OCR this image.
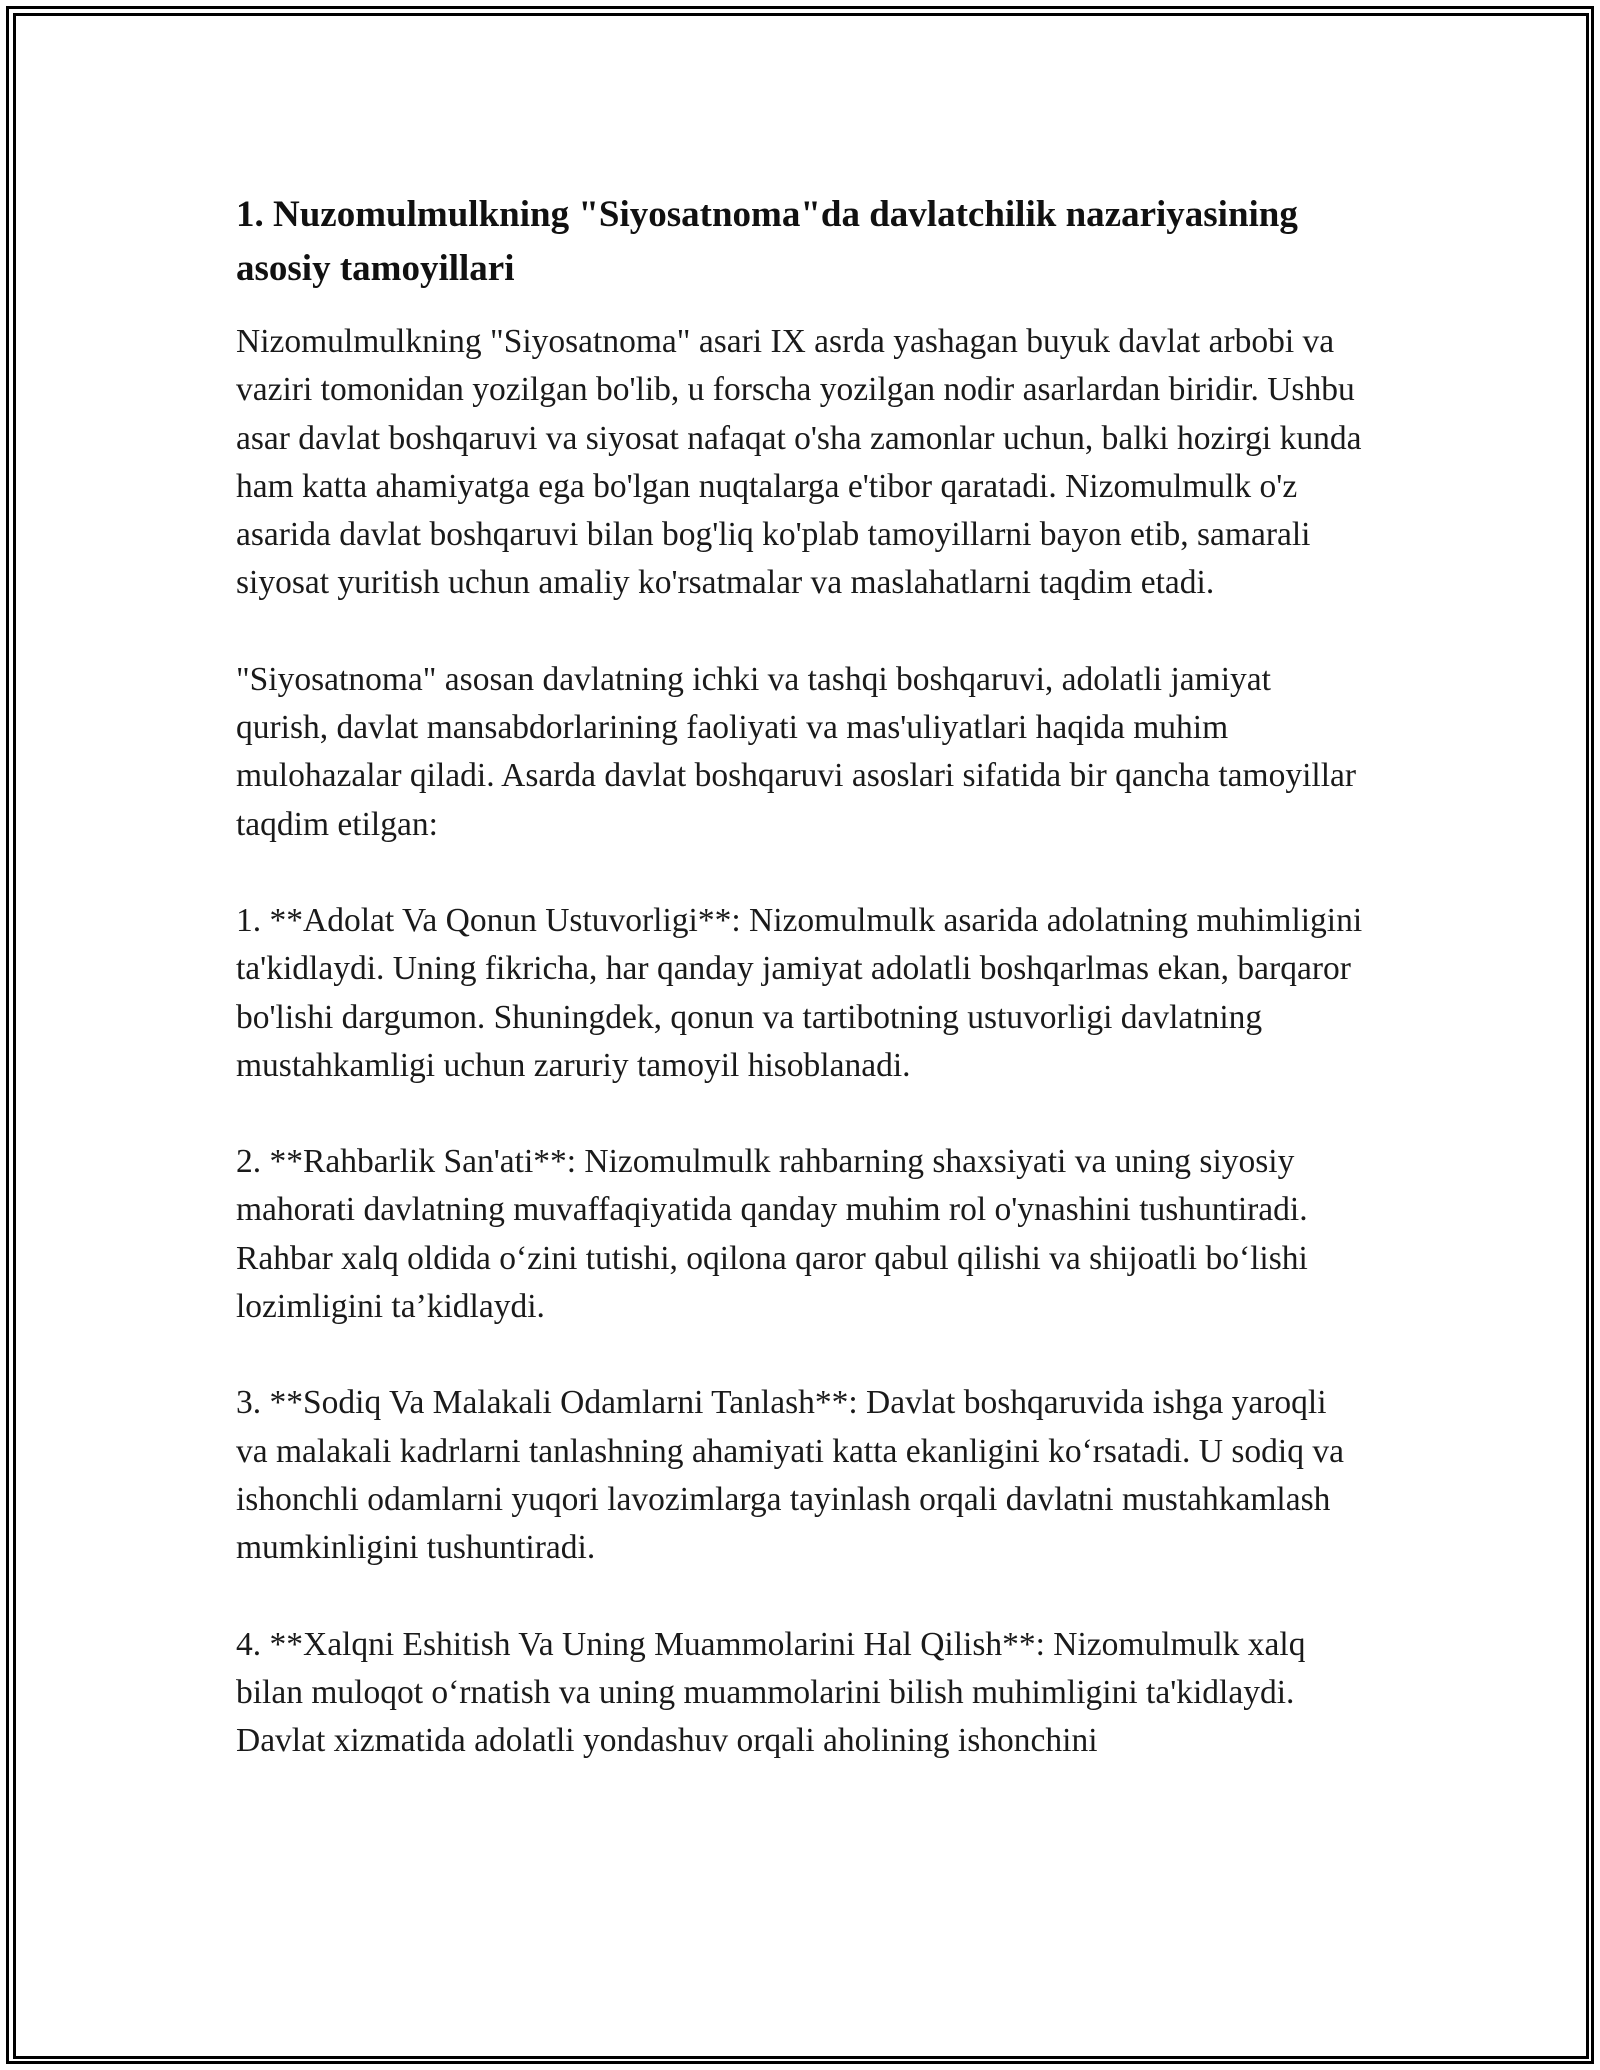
1. Nuzomulmulkning "Siyosatnoma"da davlatchilik nazariyasining asosiy tamoyillari

Nizomulmulkning "Siyosatnoma" asari IX asrda yashagan buyuk davlat arbobi va vaziri tomonidan yozilgan bo'lib, u forscha yozilgan nodir asarlardan biridir. Ushbu asar davlat boshqaruvi va siyosat nafaqat o'sha zamonlar uchun, balki hozirgi kunda ham katta ahamiyatga ega bo'lgan nuqtalarga e'tibor qaratadi. Nizomulmulk o'z asarida davlat boshqaruvi bilan bog'liq ko'plab tamoyillarni bayon etib, samarali siyosat yuritish uchun amaliy ko'rsatmalar va maslahatlarni taqdim etadi.

"Siyosatnoma" asosan davlatning ichki va tashqi boshqaruvi, adolatli jamiyat qurish, davlat mansabdorlarining faoliyati va mas'uliyatlari haqida muhim mulohazalar qiladi. Asarda davlat boshqaruvi asoslari sifatida bir qancha tamoyillar taqdim etilgan:

1. **Adolat Va Qonun Ustuvorligi**: Nizomulmulk asarida adolatning muhimligini ta'kidlaydi. Uning fikricha, har qanday jamiyat adolatli boshqarlmas ekan, barqaror bo'lishi dargumon. Shuningdek, qonun va tartibotning ustuvorligi davlatning mustahkamligi uchun zaruriy tamoyil hisoblanadi.

2. **Rahbarlik San'ati**: Nizomulmulk rahbarning shaxsiyati va uning siyosiy mahorati davlatning muvaffaqiyatida qanday muhim rol o'ynashini tushuntiradi. Rahbar xalq oldida o‘zini tutishi, oqilona qaror qabul qilishi va shijoatli bo‘lishi lozimligini ta’kidlaydi.

3. **Sodiq Va Malakali Odamlarni Tanlash**: Davlat boshqaruvida ishga yaroqli va malakali kadrlarni tanlashning ahamiyati katta ekanligini ko‘rsatadi. U sodiq va ishonchli odamlarni yuqori lavozimlarga tayinlash orqali davlatni mustahkamlash mumkinligini tushuntiradi.

4. **Xalqni Eshitish Va Uning Muammolarini Hal Qilish**: Nizomulmulk xalq bilan muloqot o‘rnatish va uning muammolarini bilish muhimligini ta'kidlaydi. Davlat xizmatida adolatli yondashuv orqali aholining ishonchini
